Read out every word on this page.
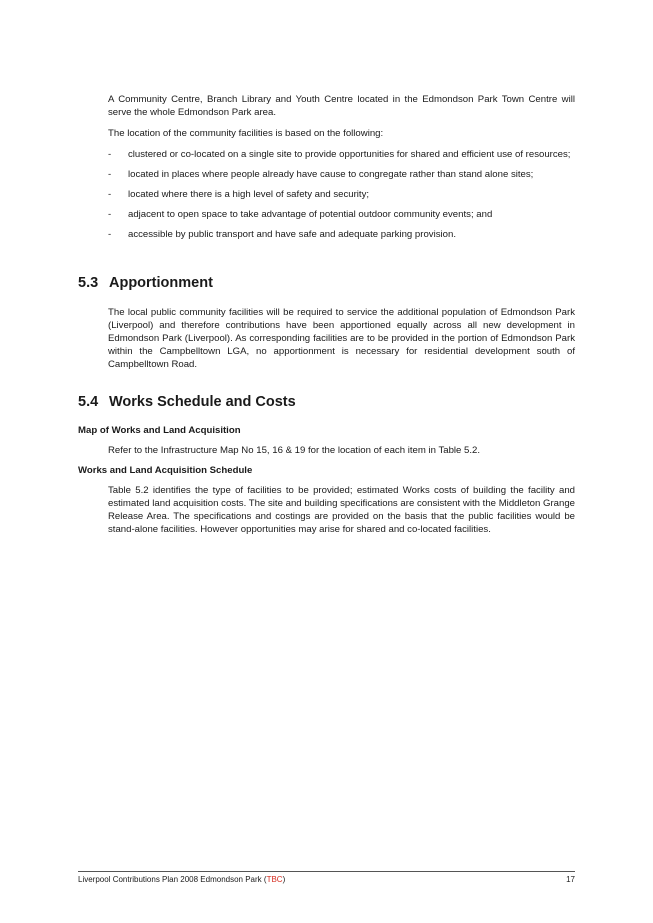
A Community Centre, Branch Library and Youth Centre located in the Edmondson Park Town Centre will serve the whole Edmondson Park area.

The location of the community facilities is based on the following:

- clustered or co-located on a single site to provide opportunities for shared and efficient use of resources;
- located in places where people already have cause to congregate rather than stand alone sites;
- located where there is a high level of safety and security;
- adjacent to open space to take advantage of potential outdoor community events; and
- accessible by public transport and have safe and adequate parking provision.
5.3 Apportionment

The local public community facilities will be required to service the additional population of Edmondson Park (Liverpool) and therefore contributions have been apportioned equally across all new development in Edmondson Park (Liverpool). As corresponding facilities are to be provided in the portion of Edmondson Park within the Campbelltown LGA, no apportionment is necessary for residential development south of Campbelltown Road.

5.4 Works Schedule and Costs
Map of Works and Land Acquisition

Refer to the Infrastructure Map No 15, 16 & 19 for the location of each item in Table 5.2.

Works and Land Acquisition Schedule

Table 5.2 identifies the type of facilities to be provided; estimated Works costs of building the facility and estimated land acquisition costs. The site and building specifications are consistent with the Middleton Grange Release Area. The specifications and costings are provided on the basis that the public facilities would be stand-alone facilities. However opportunities may arise for shared and co-located facilities.

Liverpool Contributions Plan 2008 Edmondson Park (TBC)	17
